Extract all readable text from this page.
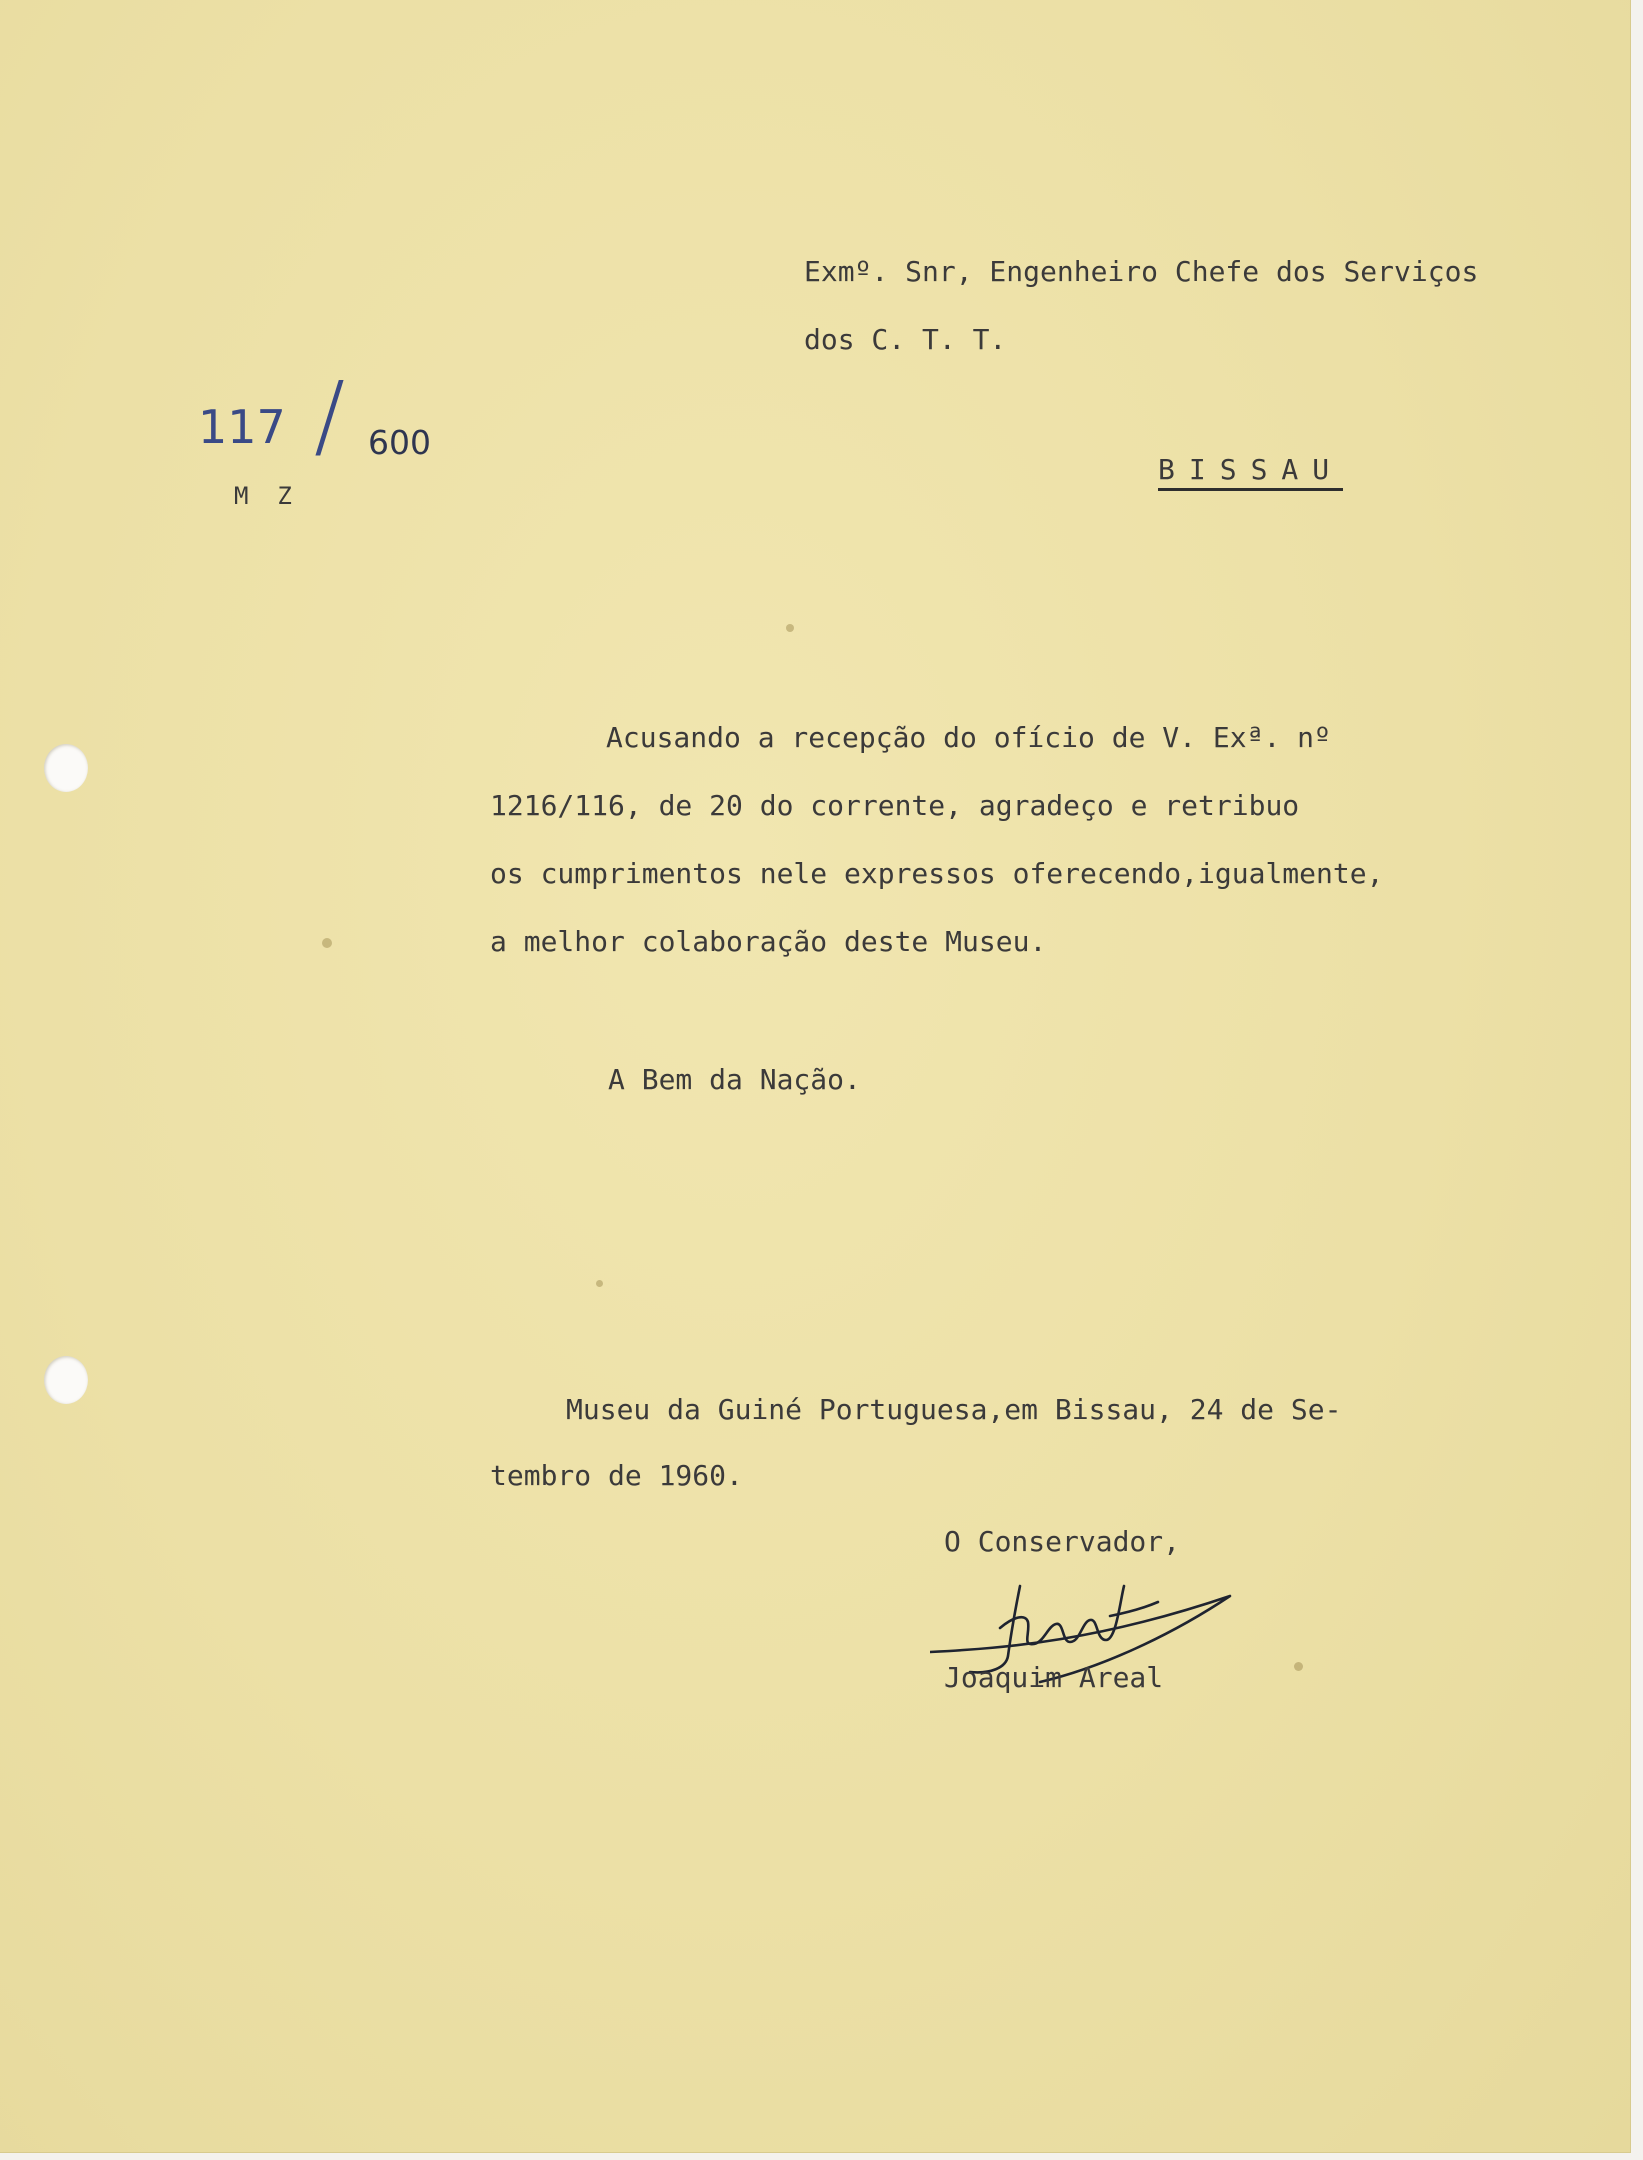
Exmº. Snr, Engenheiro Chefe dos Serviços
dos C. T. T.
117 / 600
M  Z
BISSAU
Acusando a recepção do ofício de V. Exª. nº
1216/116, de 20 do corrente, agradeço e retribuo
os cumprimentos nele expressos oferecendo,igualmente,
a melhor colaboração deste Museu.
A Bem da Nação.
Museu da Guiné Portuguesa,em Bissau, 24 de Se-
tembro de 1960.
O Conservador,
Joaquim Areal
